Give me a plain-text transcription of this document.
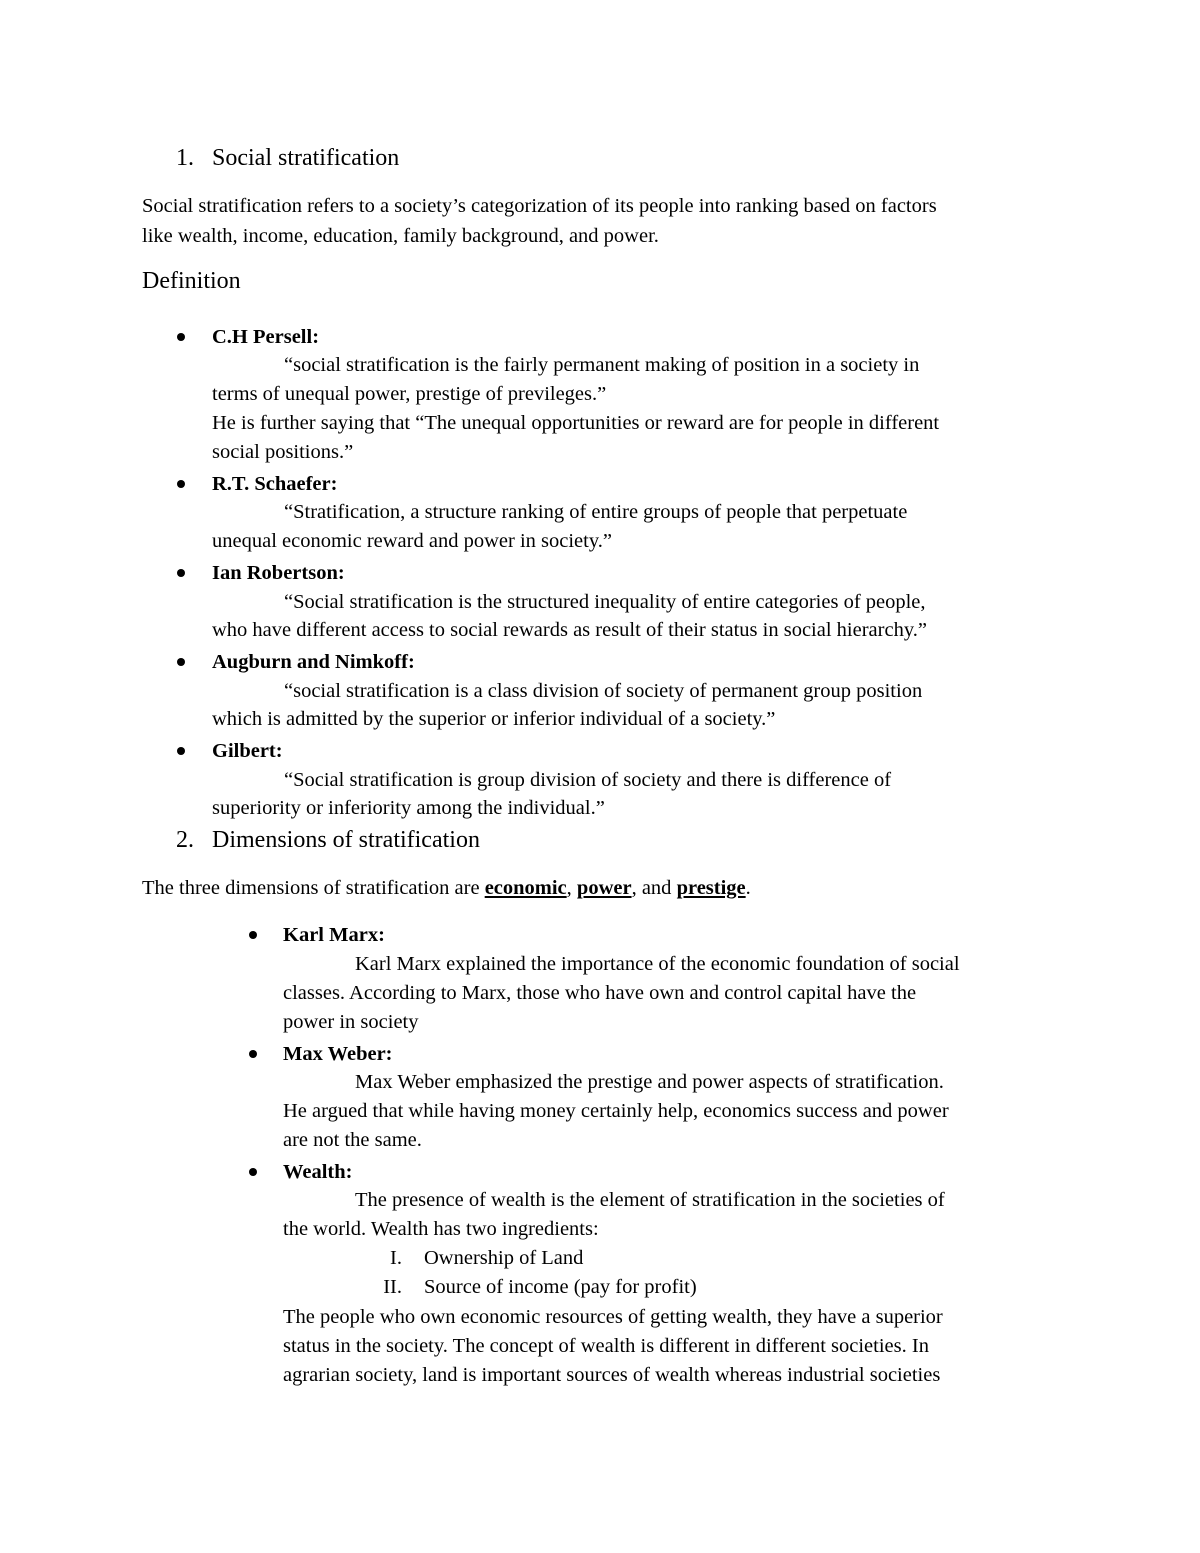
1. Social stratification
Social stratification refers to a society’s categorization of its people into ranking based on factors
like wealth, income, education, family background, and power.
Definition
C.H Persell:
“social stratification is the fairly permanent making of position in a society in
terms of unequal power, prestige of previleges.”
He is further saying that “The unequal opportunities or reward are for people in different
social positions.”
R.T. Schaefer:
“Stratification, a structure ranking of entire groups of people that perpetuate
unequal economic reward and power in society.”
Ian Robertson:
“Social stratification is the structured inequality of entire categories of people,
who have different access to social rewards as result of their status in social hierarchy.”
Augburn and Nimkoff:
“social stratification is a class division of society of permanent group position
which is admitted by the superior or inferior individual of a society.”
Gilbert:
“Social stratification is group division of society and there is difference of
superiority or inferiority among the individual.”
2. Dimensions of stratification
The three dimensions of stratification are economic, power, and prestige.
Karl Marx:
Karl Marx explained the importance of the economic foundation of social
classes. According to Marx, those who have own and control capital have the
power in society
Max Weber:
Max Weber emphasized the prestige and power aspects of stratification.
He argued that while having money certainly help, economics success and power
are not the same.
Wealth:
The presence of wealth is the element of stratification in the societies of
the world. Wealth has two ingredients:
I. Ownership of Land
II. Source of income (pay for profit)
The people who own economic resources of getting wealth, they have a superior
status in the society. The concept of wealth is different in different societies. In
agrarian society, land is important sources of wealth whereas industrial societies
